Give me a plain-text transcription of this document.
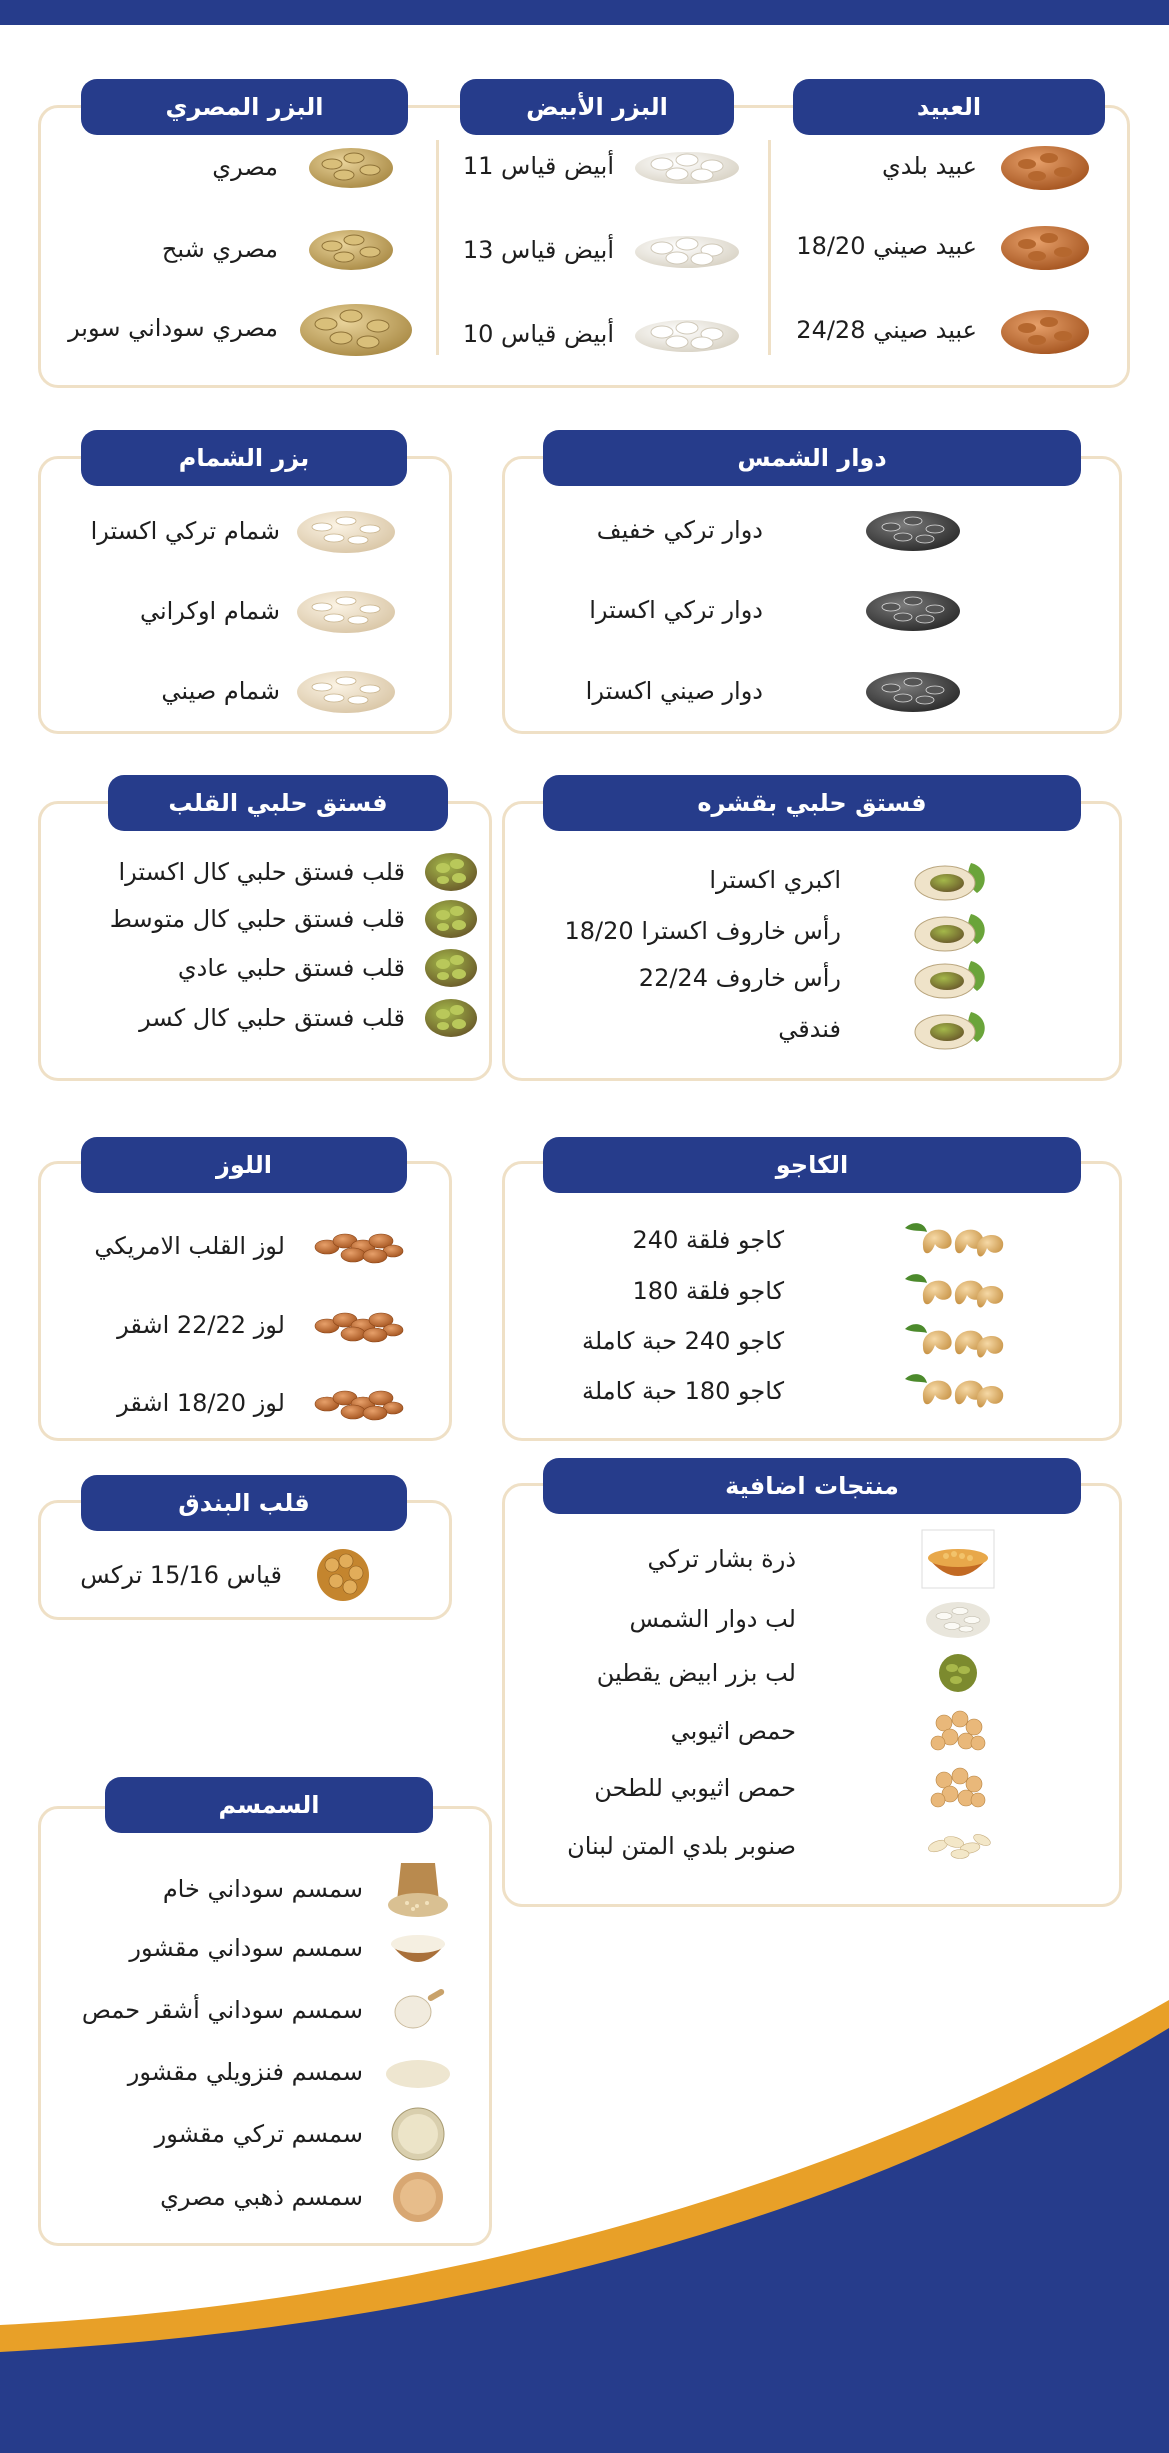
العبيد
البزر الأبيض
البزر المصري
عبيد بلدي
عبيد صيني 18/20
عبيد صيني 24/28
أبيض قياس 11
أبيض قياس 13
أبيض قياس 10
مصري
مصري شبح
مصري سوداني سوبر
دوار الشمس
دوار تركي خفيف
دوار تركي اكسترا
دوار صيني اكسترا
بزر الشمام
شمام تركي اكسترا
شمام اوكراني
شمام صيني
فستق حلبي بقشره
اكبري اكسترا
رأس خاروف اكسترا 18/20
رأس خاروف 22/24
فندقي
فستق حلبي القلب
قلب فستق حلبي كال اكسترا
قلب فستق حلبي كال متوسط
قلب فستق حلبي عادي
قلب فستق حلبي كال كسر
الكاجو
كاجو فلقة 240
كاجو فلقة 180
كاجو 240 حبة كاملة
كاجو 180 حبة كاملة
اللوز
لوز القلب الامريكي
لوز 22/22 اشقر
لوز 18/20 اشقر
منتجات اضافية
ذرة بشار تركي
لب دوار الشمس
لب بزر ابيض يقطين
حمص اثيوبي
حمص اثيوبي للطحن
صنوبر بلدي المتن لبنان
قلب البندق
قياس 15/16 تركس
السمسم
سمسم سوداني خام
سمسم سوداني مقشور
سمسم سوداني أشقر حمص
سمسم فنزويلي مقشور
سمسم تركي مقشور
سمسم ذهبي مصري
